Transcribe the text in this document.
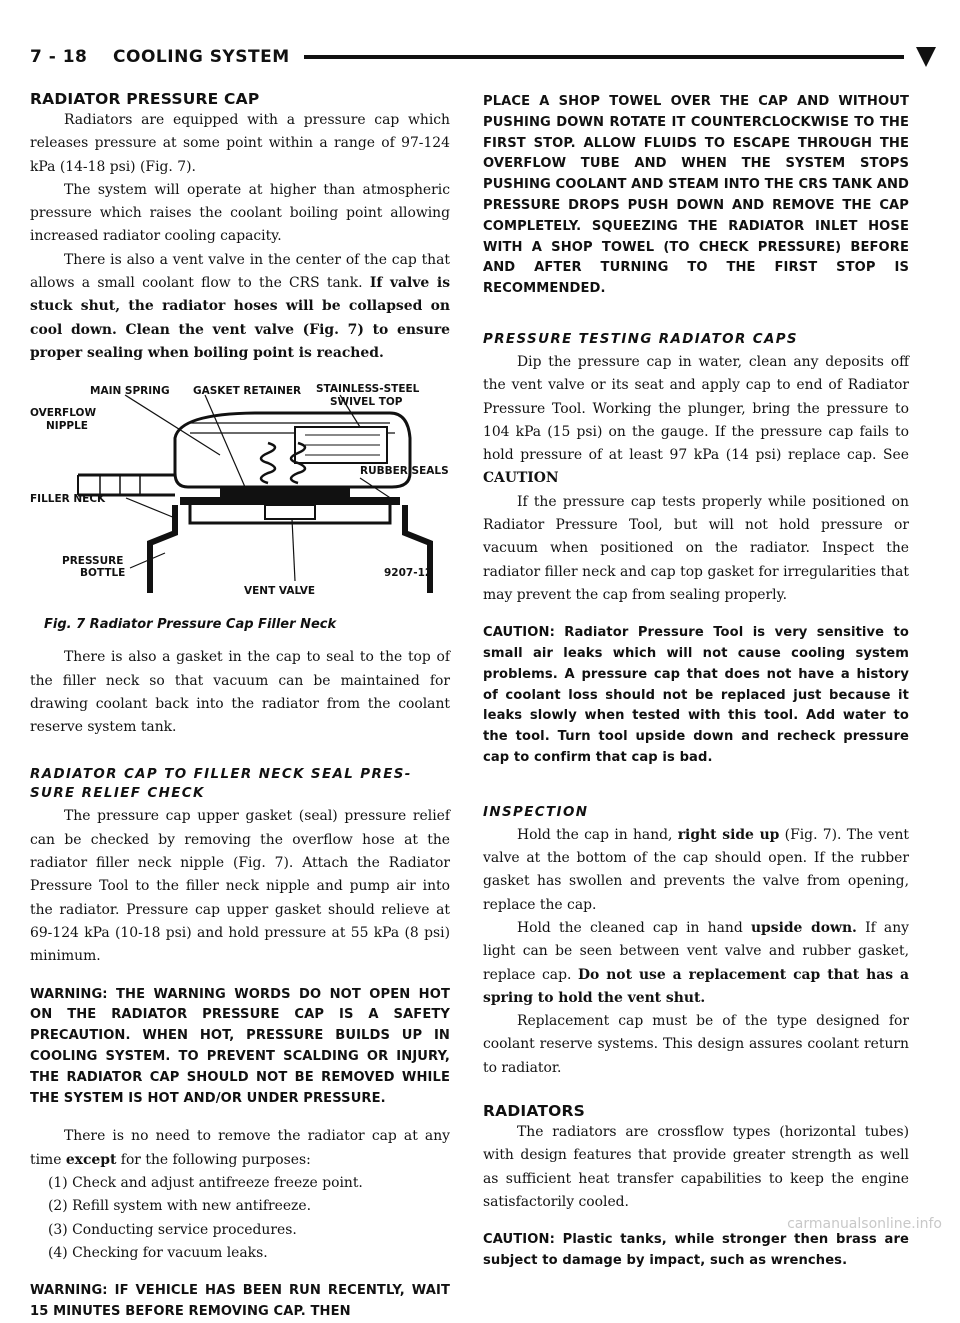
7 - 18    COOLING SYSTEM
RADIATOR PRESSURE CAP

Radiators are equipped with a pressure cap which releases pressure at some point within a range of 97-124 kPa (14-18 psi) (Fig. 7).

The system will operate at higher than atmospheric pressure which raises the coolant boiling point allowing increased radiator cooling capacity.

There is also a vent valve in the center of the cap that allows a small coolant flow to the CRS tank. If valve is stuck shut, the radiator hoses will be collapsed on cool down. Clean the vent valve (Fig. 7) to ensure proper sealing when boiling point is reached.

MAIN SPRING GASKET RETAINER STAINLESS-STEEL
SWIVEL TOP
OVERFLOW
NIPPLE
RUBBER SEALS
FILLER NECK
PRESSURE
BOTTLE
VENT VALVE
9207-12
Fig. 7 Radiator Pressure Cap Filler Neck

There is also a gasket in the cap to seal to the top of the filler neck so that vacuum can be maintained for drawing coolant back into the radiator from the coolant reserve system tank.

RADIATOR CAP TO FILLER NECK SEAL PRES-
SURE RELIEF CHECK

The pressure cap upper gasket (seal) pressure relief can be checked by removing the overflow hose at the radiator filler neck nipple (Fig. 7). Attach the Radiator Pressure Tool to the filler neck nipple and pump air into the radiator. Pressure cap upper gasket should relieve at 69-124 kPa (10-18 psi) and hold pressure at 55 kPa (8 psi) minimum.

WARNING: THE WARNING WORDS DO NOT OPEN HOT ON THE RADIATOR PRESSURE CAP IS A SAFETY PRECAUTION. WHEN HOT, PRESSURE BUILDS UP IN COOLING SYSTEM. TO PREVENT SCALDING OR INJURY, THE RADIATOR CAP SHOULD NOT BE REMOVED WHILE THE SYSTEM IS HOT AND/OR UNDER PRESSURE.

There is no need to remove the radiator cap at any time except for the following purposes:

(1) Check and adjust antifreeze freeze point.
(2) Refill system with new antifreeze.
(3) Conducting service procedures.
(4) Checking for vacuum leaks.

WARNING: IF VEHICLE HAS BEEN RUN RECENTLY, WAIT 15 MINUTES BEFORE REMOVING CAP. THEN

PLACE A SHOP TOWEL OVER THE CAP AND WITHOUT PUSHING DOWN ROTATE IT COUNTERCLOCKWISE TO THE FIRST STOP. ALLOW FLUIDS TO ESCAPE THROUGH THE OVERFLOW TUBE AND WHEN THE SYSTEM STOPS PUSHING COOLANT AND STEAM INTO THE CRS TANK AND PRESSURE DROPS PUSH DOWN AND REMOVE THE CAP COMPLETELY. SQUEEZING THE RADIATOR INLET HOSE WITH A SHOP TOWEL (TO CHECK PRESSURE) BEFORE AND AFTER TURNING TO THE FIRST STOP IS RECOMMENDED.

PRESSURE TESTING RADIATOR CAPS

Dip the pressure cap in water, clean any deposits off the vent valve or its seat and apply cap to end of Radiator Pressure Tool. Working the plunger, bring the pressure to 104 kPa (15 psi) on the gauge. If the pressure cap fails to hold pressure of at least 97 kPa (14 psi) replace cap. See CAUTION

If the pressure cap tests properly while positioned on Radiator Pressure Tool, but will not hold pressure or vacuum when positioned on the radiator. Inspect the radiator filler neck and cap top gasket for irregularities that may prevent the cap from sealing properly.

CAUTION: Radiator Pressure Tool is very sensitive to small air leaks which will not cause cooling system problems. A pressure cap that does not have a history of coolant loss should not be replaced just because it leaks slowly when tested with this tool. Add water to the tool. Turn tool upside down and recheck pressure cap to confirm that cap is bad.

INSPECTION

Hold the cap in hand, right side up (Fig. 7). The vent valve at the bottom of the cap should open. If the rubber gasket has swollen and prevents the valve from opening, replace the cap.

Hold the cleaned cap in hand upside down. If any light can be seen between vent valve and rubber gasket, replace cap. Do not use a replacement cap that has a spring to hold the vent shut.

Replacement cap must be of the type designed for coolant reserve systems. This design assures coolant return to radiator.

RADIATORS

The radiators are crossflow types (horizontal tubes) with design features that provide greater strength as well as sufficient heat transfer capabilities to keep the engine satisfactorily cooled.

CAUTION: Plastic tanks, while stronger then brass are subject to damage by impact, such as wrenches.

carmanualsonline.info
